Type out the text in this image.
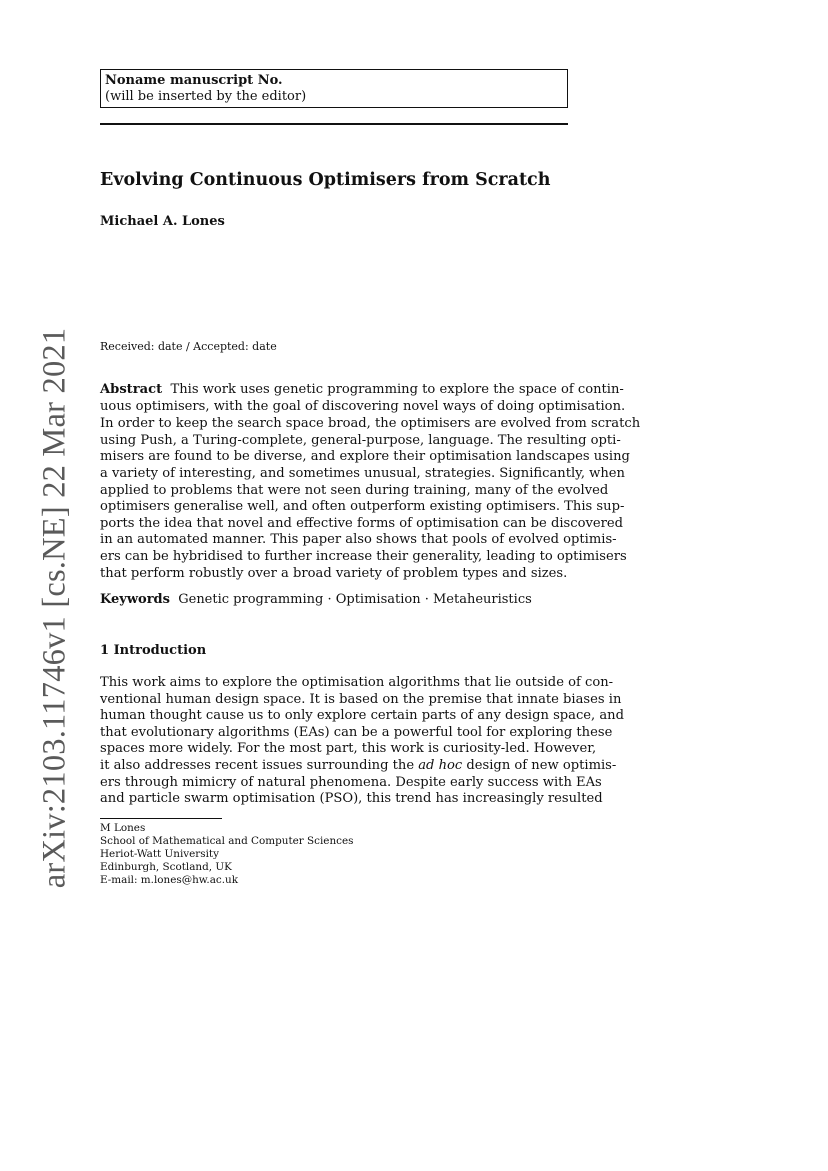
arXiv:2103.11746v1 [cs.NE] 22 Mar 2021
Noname manuscript No.
(will be inserted by the editor)
Evolving Continuous Optimisers from Scratch
Michael A. Lones
Received: date / Accepted: date
Abstract This work uses genetic programming to explore the space of contin-
uous optimisers, with the goal of discovering novel ways of doing optimisation.
In order to keep the search space broad, the optimisers are evolved from scratch
using Push, a Turing-complete, general-purpose, language. The resulting opti-
misers are found to be diverse, and explore their optimisation landscapes using
a variety of interesting, and sometimes unusual, strategies. Significantly, when
applied to problems that were not seen during training, many of the evolved
optimisers generalise well, and often outperform existing optimisers. This sup-
ports the idea that novel and effective forms of optimisation can be discovered
in an automated manner. This paper also shows that pools of evolved optimis-
ers can be hybridised to further increase their generality, leading to optimisers
that perform robustly over a broad variety of problem types and sizes.
Keywords Genetic programming · Optimisation · Metaheuristics
1 Introduction
This work aims to explore the optimisation algorithms that lie outside of con-
ventional human design space. It is based on the premise that innate biases in
human thought cause us to only explore certain parts of any design space, and
that evolutionary algorithms (EAs) can be a powerful tool for exploring these
spaces more widely. For the most part, this work is curiosity-led. However,
it also addresses recent issues surrounding the ad hoc design of new optimis-
ers through mimicry of natural phenomena. Despite early success with EAs
and particle swarm optimisation (PSO), this trend has increasingly resulted
M Lones
School of Mathematical and Computer Sciences
Heriot-Watt University
Edinburgh, Scotland, UK
E-mail: m.lones@hw.ac.uk
